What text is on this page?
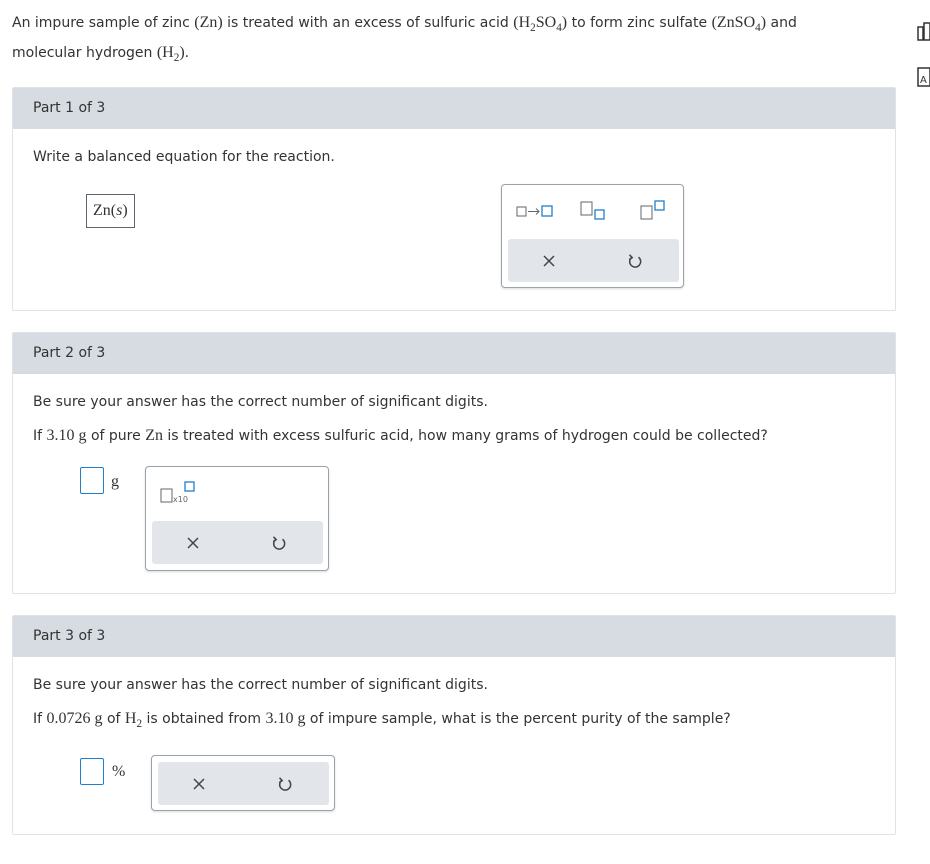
An impure sample of zinc (Zn) is treated with an excess of sulfuric acid $(H_2SO_4)$ to form zinc sulfate (ZnSO$_4$) and

molecular hydrogen $(H_2)$.

A
Part 1 of 3

Write a balanced equation for the reaction.

Zn(s)
Part 2 of 3

Be sure your answer has the correct number of significant digits.

If 3.10 g of pure Zn is treated with excess sulfuric acid, how many grams of hydrogen could be collected?

g
x10
Part 3 of 3

Be sure your answer has the correct number of significant digits.

If 0.0726 g of $H_2$ is obtained from 3.10 g of impure sample, what is the percent purity of the sample?

%
